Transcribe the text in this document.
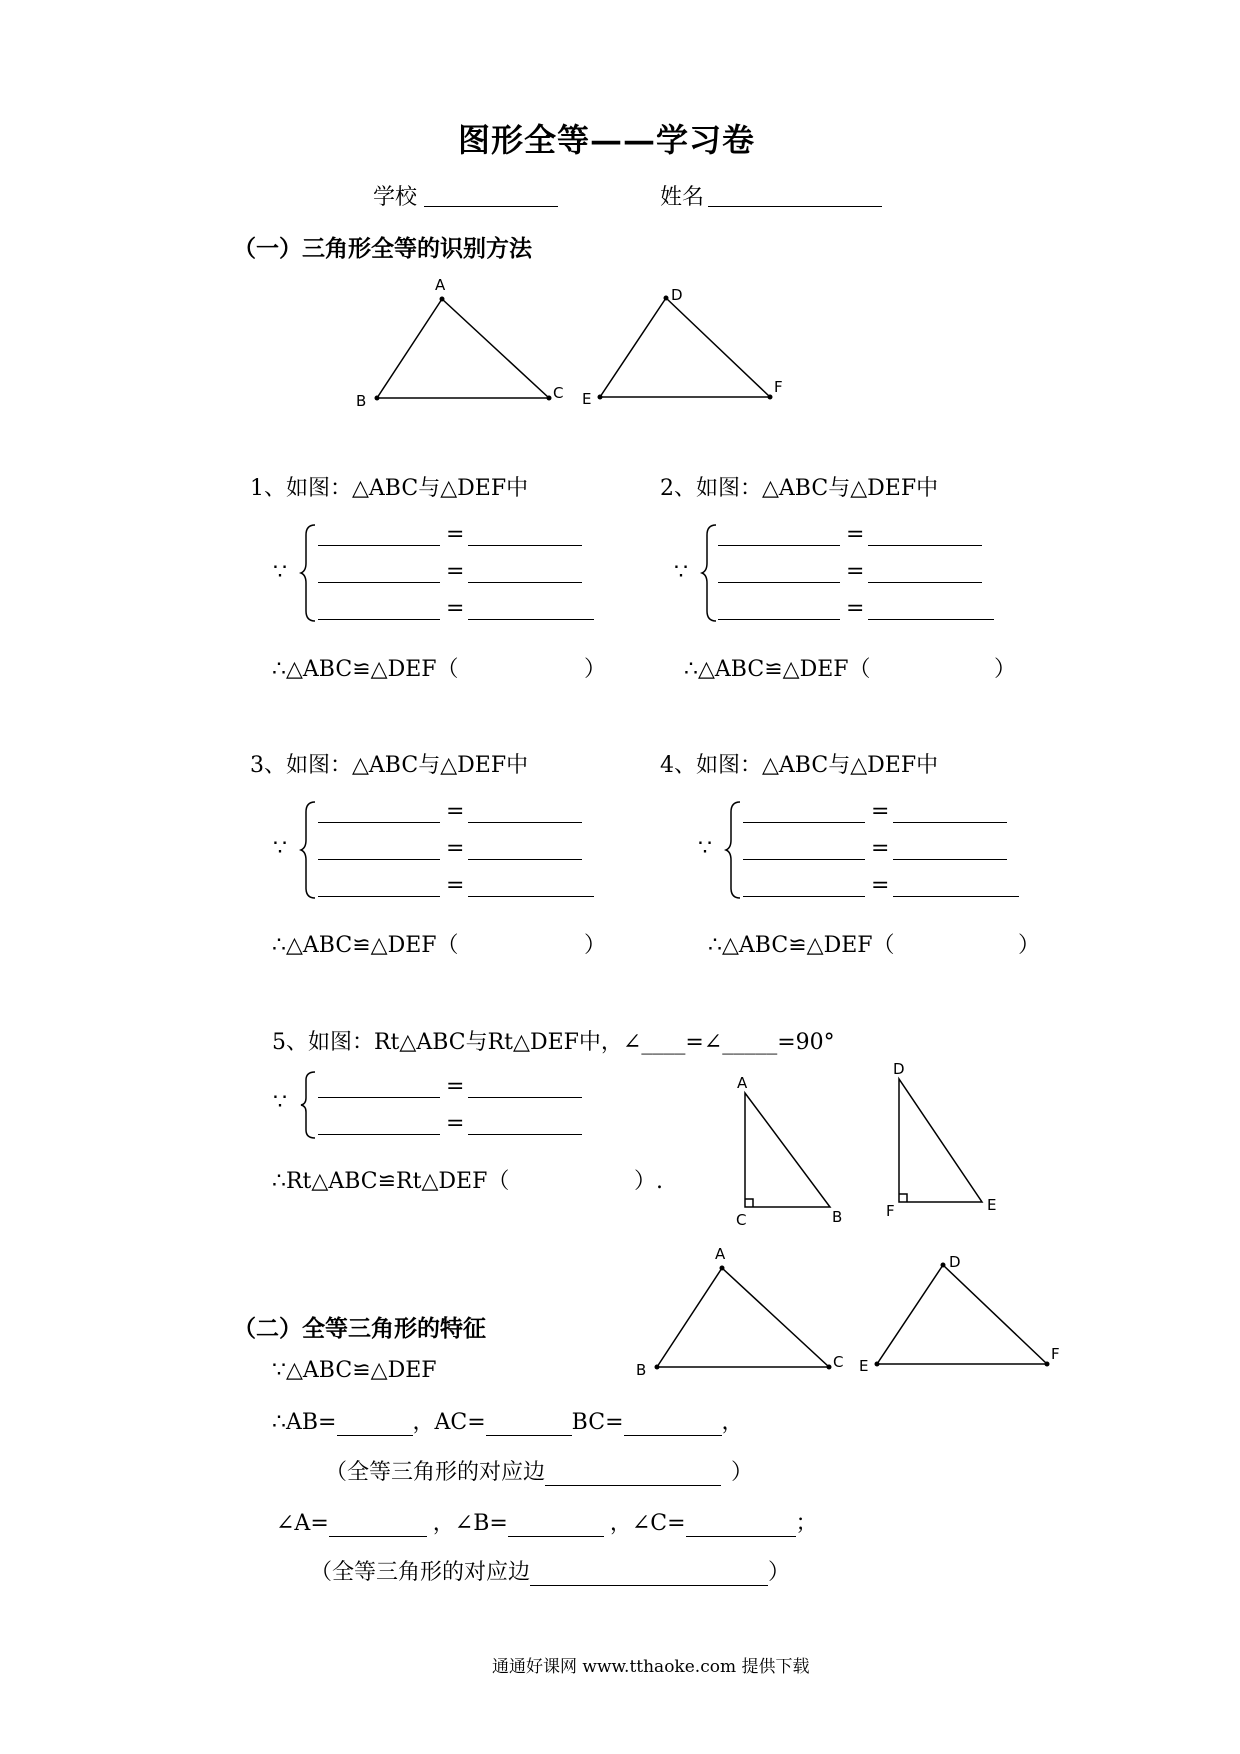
图形全等——学习卷
学校	姓名
（一）三角形全等的识别方法
A
B	C
D
E
F
1、如图：△ABC与△DEF中
∵
=
=
=
∴△ABC≌△DEF（	）
2、如图：△ABC与△DEF中
∵
=
=
=
∴△ABC≌△DEF（	）
3、如图：△ABC与△DEF中
∵
=
=
=
∴△ABC≌△DEF（	）
4、如图：△ABC与△DEF中
∵
=
=
=
∴△ABC≌△DEF（	）
5、如图：Rt△ABC与Rt△DEF中，∠____=∠_____=90°
∵
=
=
∴Rt△ABC≌Rt△DEF（	）.
A
C	B
D
F	E
（二）全等三角形的特征
A
B	C
D
E
F
∵△ABC≌△DEF
∴AB=	，AC=	BC=	，
（全等三角形的对应边	）
∠A=	，∠B=	，∠C=	；
（全等三角形的对应边	）
通通好课网 www.tthaoke.com 提供下载
